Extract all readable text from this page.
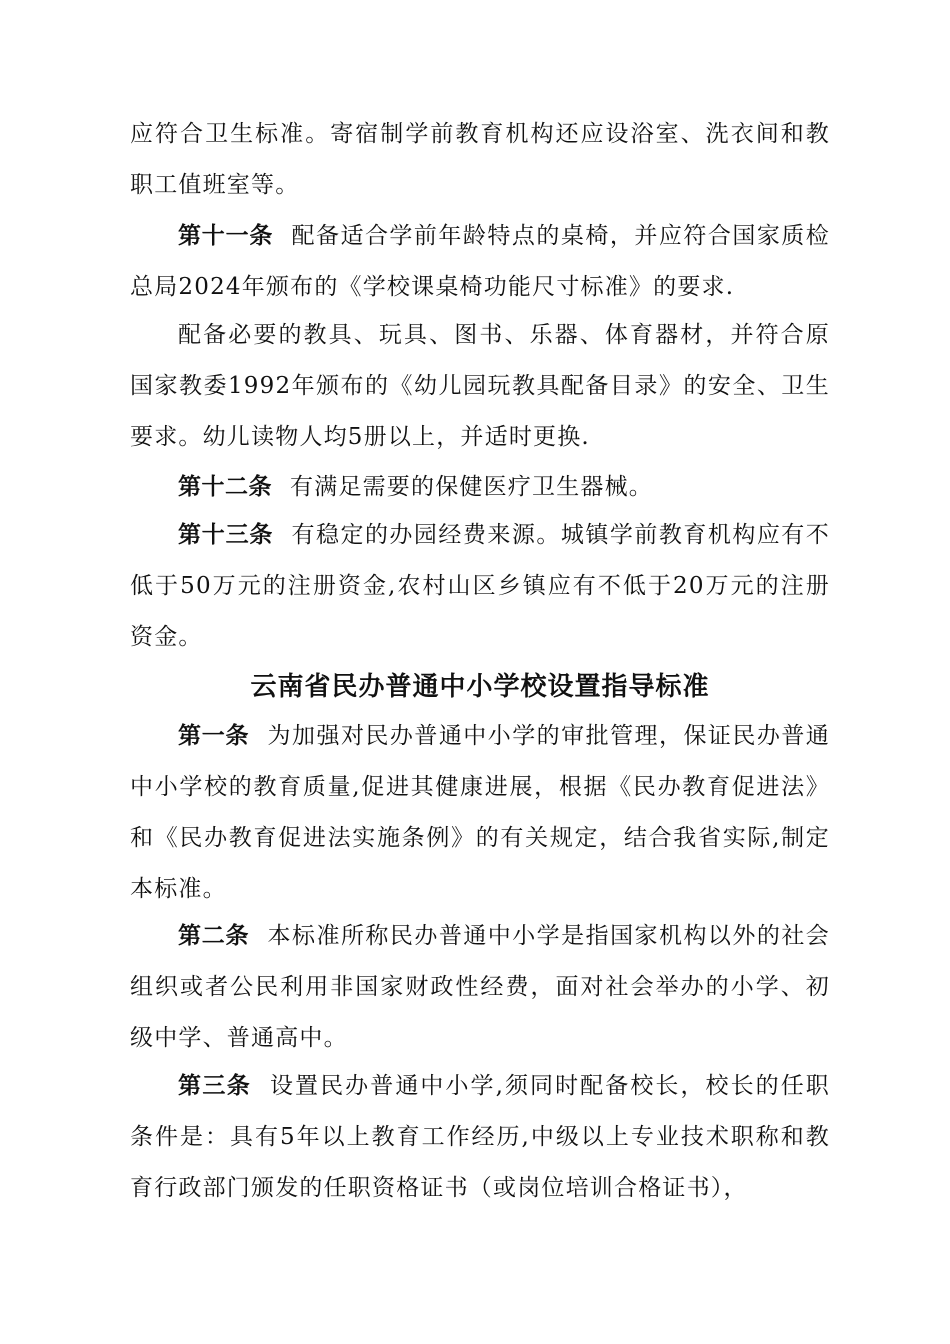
应符合卫生标准。寄宿制学前教育机构还应设浴室、洗衣间和教职工值班室等。

第十一条 配备适合学前年龄特点的桌椅，并应符合国家质检总局2024年颁布的《学校课桌椅功能尺寸标准》的要求.

配备必要的教具、玩具、图书、乐器、体育器材，并符合原国家教委1992年颁布的《幼儿园玩教具配备目录》的安全、卫生要求。幼儿读物人均5册以上，并适时更换.

第十二条 有满足需要的保健医疗卫生器械。

第十三条 有稳定的办园经费来源。城镇学前教育机构应有不低于50万元的注册资金,农村山区乡镇应有不低于20万元的注册资金。

云南省民办普通中小学校设置指导标准

第一条 为加强对民办普通中小学的审批管理，保证民办普通中小学校的教育质量,促进其健康进展，根据《民办教育促进法》和《民办教育促进法实施条例》的有关规定，结合我省实际,制定本标准。

第二条 本标准所称民办普通中小学是指国家机构以外的社会组织或者公民利用非国家财政性经费，面对社会举办的小学、初级中学、普通高中。

第三条 设置民办普通中小学,须同时配备校长，校长的任职条件是：具有5年以上教育工作经历,中级以上专业技术职称和教育行政部门颁发的任职资格证书（或岗位培训合格证书），
